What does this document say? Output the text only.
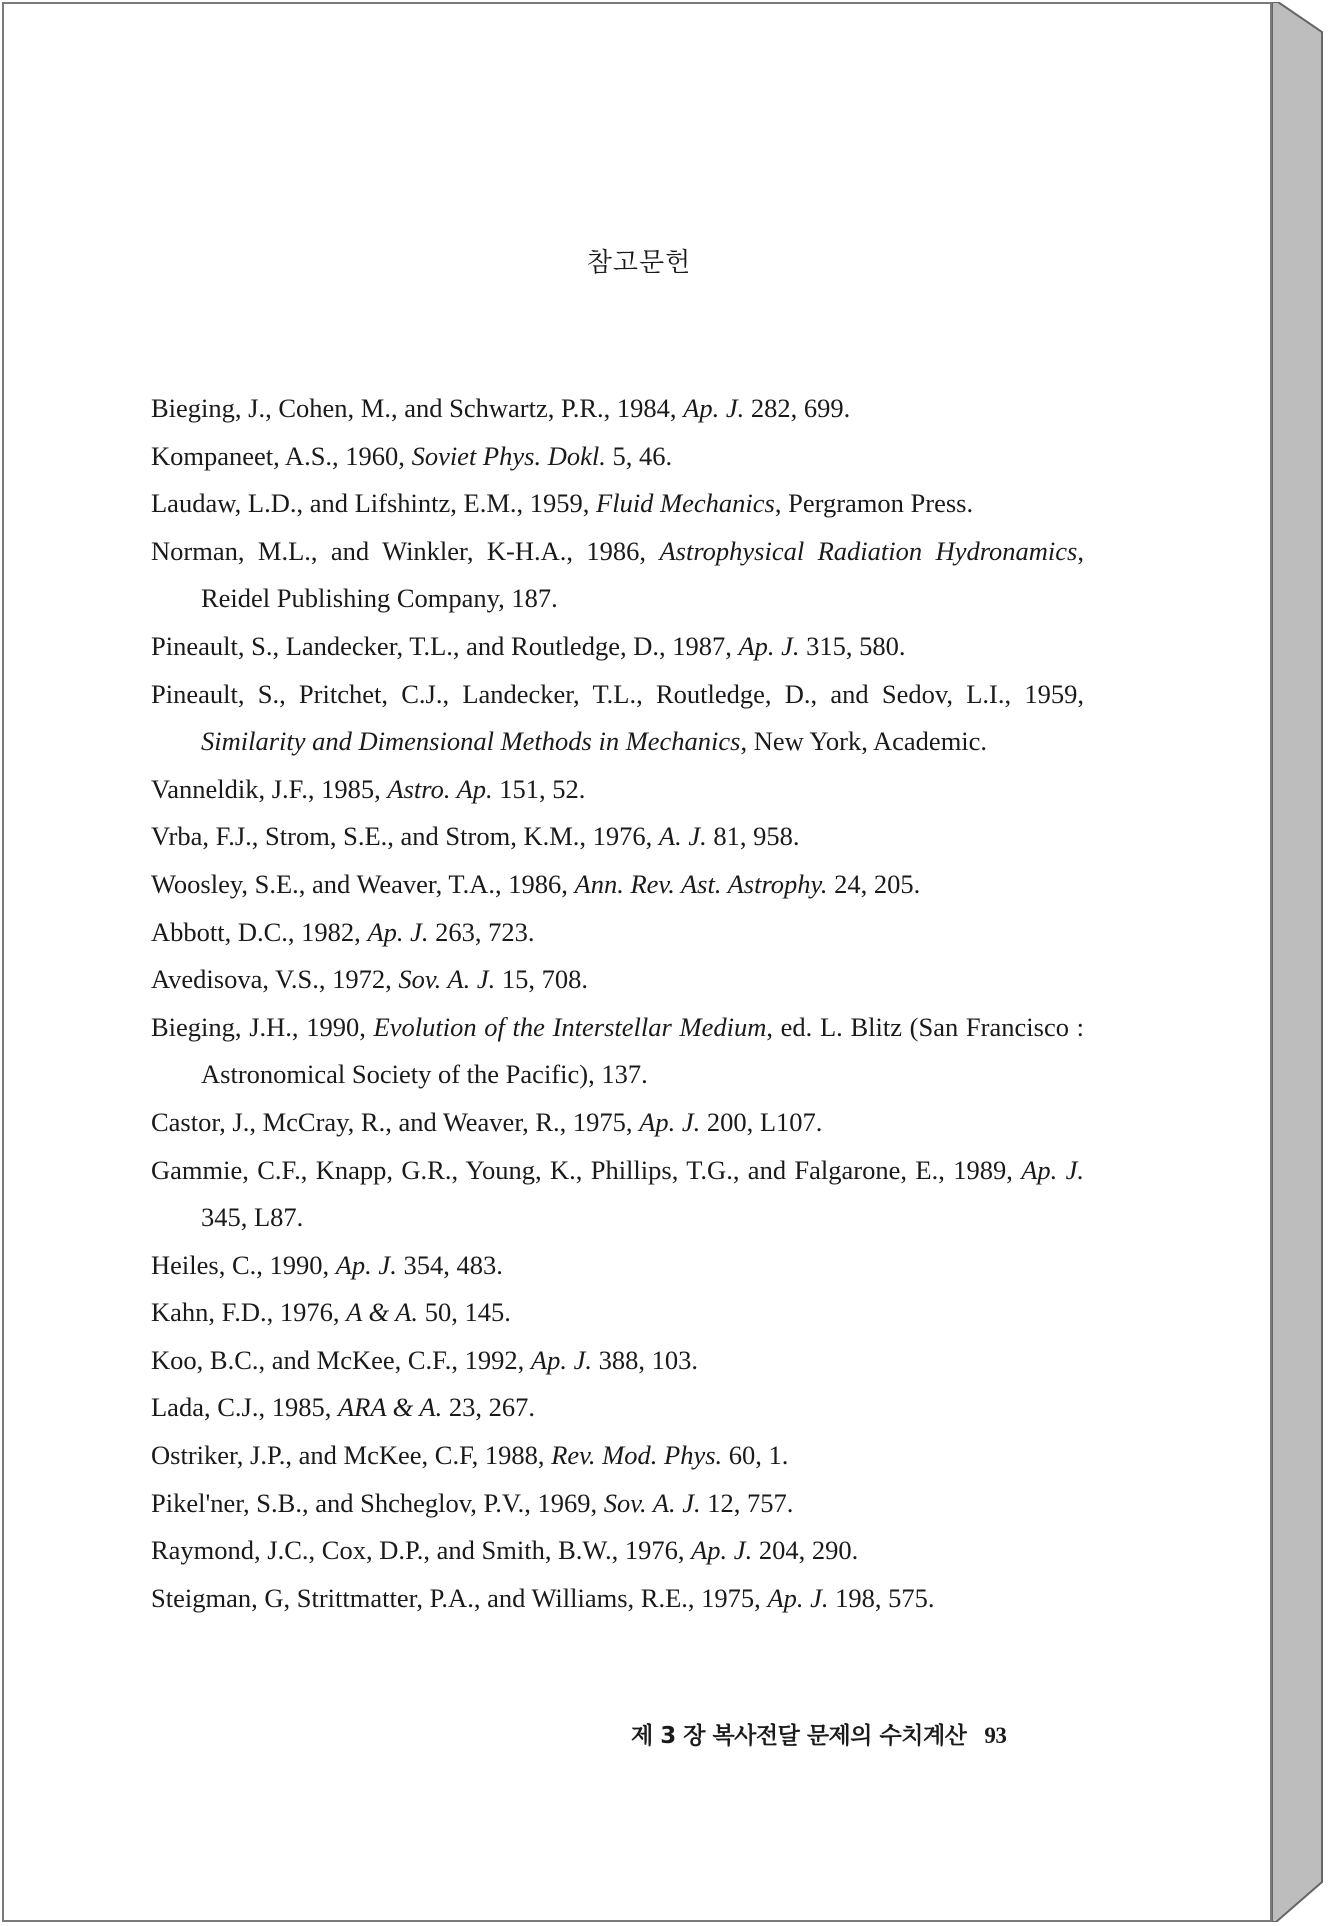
참고문헌
Bieging, J., Cohen, M., and Schwartz, P.R., 1984, Ap. J. 282, 699.
Kompaneet, A.S., 1960, Soviet Phys. Dokl. 5, 46.
Laudaw, L.D., and Lifshintz, E.M., 1959, Fluid Mechanics, Pergramon Press.
Norman, M.L., and Winkler, K-H.A., 1986, Astrophysical Radiation Hydronamics, Reidel Publishing Company, 187.
Pineault, S., Landecker, T.L., and Routledge, D., 1987, Ap. J. 315, 580.
Pineault, S., Pritchet, C.J., Landecker, T.L., Routledge, D., and Sedov, L.I., 1959, Similarity and Dimensional Methods in Mechanics, New York, Academic.
Vanneldik, J.F., 1985, Astro. Ap. 151, 52.
Vrba, F.J., Strom, S.E., and Strom, K.M., 1976, A. J. 81, 958.
Woosley, S.E., and Weaver, T.A., 1986, Ann. Rev. Ast. Astrophy. 24, 205.
Abbott, D.C., 1982, Ap. J. 263, 723.
Avedisova, V.S., 1972, Sov. A. J. 15, 708.
Bieging, J.H., 1990, Evolution of the Interstellar Medium, ed. L. Blitz (San Francisco : Astronomical Society of the Pacific), 137.
Castor, J., McCray, R., and Weaver, R., 1975, Ap. J. 200, L107.
Gammie, C.F., Knapp, G.R., Young, K., Phillips, T.G., and Falgarone, E., 1989, Ap. J. 345, L87.
Heiles, C., 1990, Ap. J. 354, 483.
Kahn, F.D., 1976, A & A. 50, 145.
Koo, B.C., and McKee, C.F., 1992, Ap. J. 388, 103.
Lada, C.J., 1985, ARA & A. 23, 267.
Ostriker, J.P., and McKee, C.F, 1988, Rev. Mod. Phys. 60, 1.
Pikel'ner, S.B., and Shcheglov, P.V., 1969, Sov. A. J. 12, 757.
Raymond, J.C., Cox, D.P., and Smith, B.W., 1976, Ap. J. 204, 290.
Steigman, G, Strittmatter, P.A., and Williams, R.E., 1975, Ap. J. 198, 575.
제 3 장 복사전달 문제의 수치계산 93
